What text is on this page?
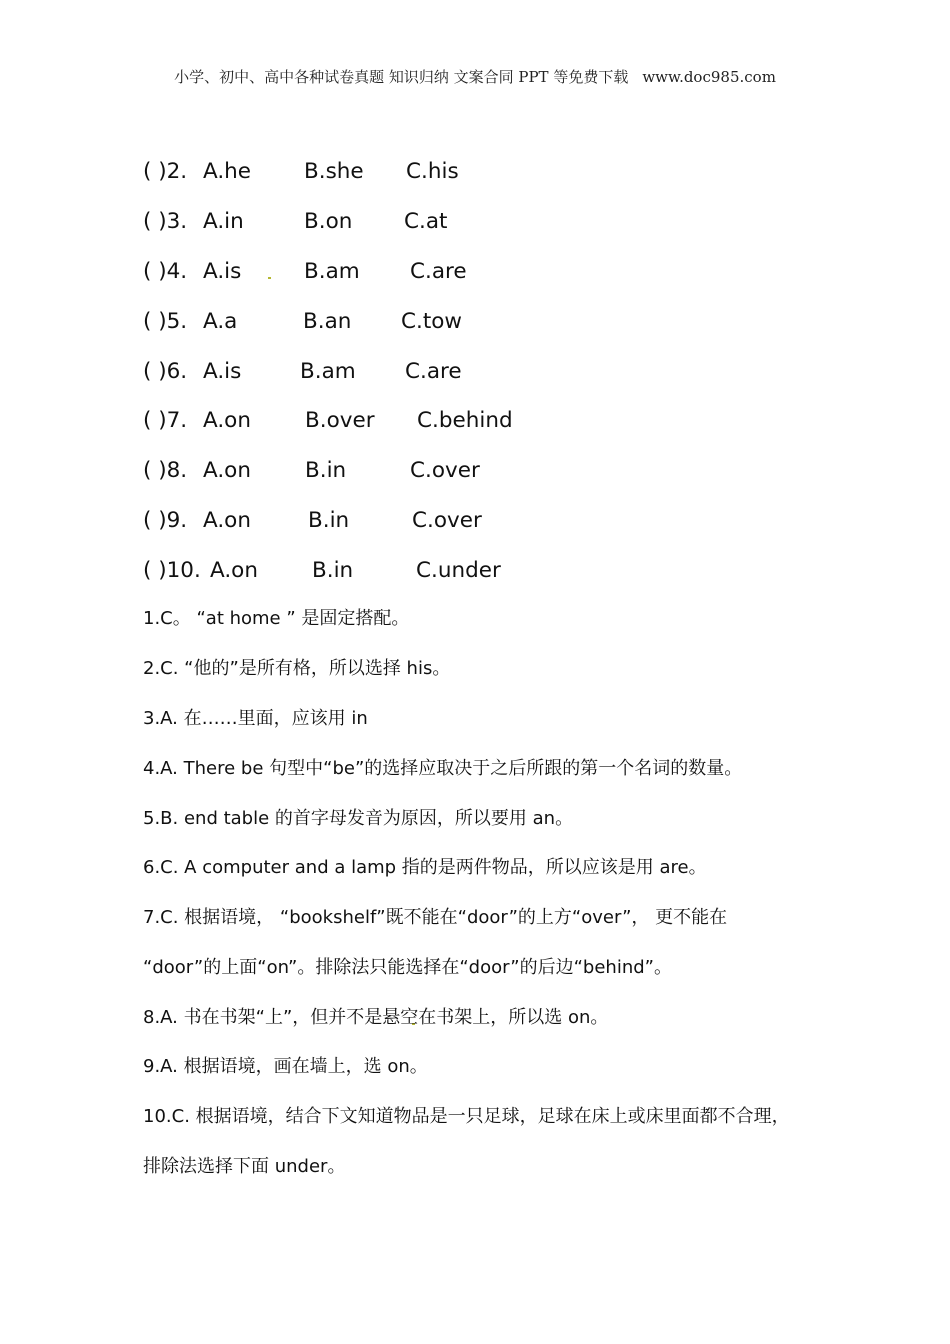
小学、初中、高中各种试卷真题 知识归纳 文案合同 PPT 等免费下载 www.doc985.com
( )2. A.he B.she C.his
( )3. A.in	B.on C.at
( )4. A.is	B.am C.are
( )5. A.a	B.an C.tow
( )6. A.is	B.am C.are
( )7. A.on	B.over C.behind
( )8. A.on	B.in	C.over
( )9. A.on	B.in	C.over
( )10. A.on	B.in	C.under
1.C。 “at home ” 是固定搭配。
2.C. “他的”是所有格，所以选择 his。
3.A. 在……里面，应该用 in
4.A. There be 句型中“be”的选择应取决于之后所跟的第一个名词的数量。
5.B. end table 的首字母发音为原因，所以要用 an。
6.C. A computer and a lamp 指的是两件物品，所以应该是用 are。
7.C. 根据语境， “bookshelf”既不能在“door”的上方“over”， 更不能在
“door”的上面“on”。排除法只能选择在“door”的后边“behind”。
8.A. 书在书架“上”，但并不是悬空在书架上，所以选 on。
9.A. 根据语境，画在墙上，选 on。
10.C. 根据语境，结合下文知道物品是一只足球，足球在床上或床里面都不合理，
排除法选择下面 under。
